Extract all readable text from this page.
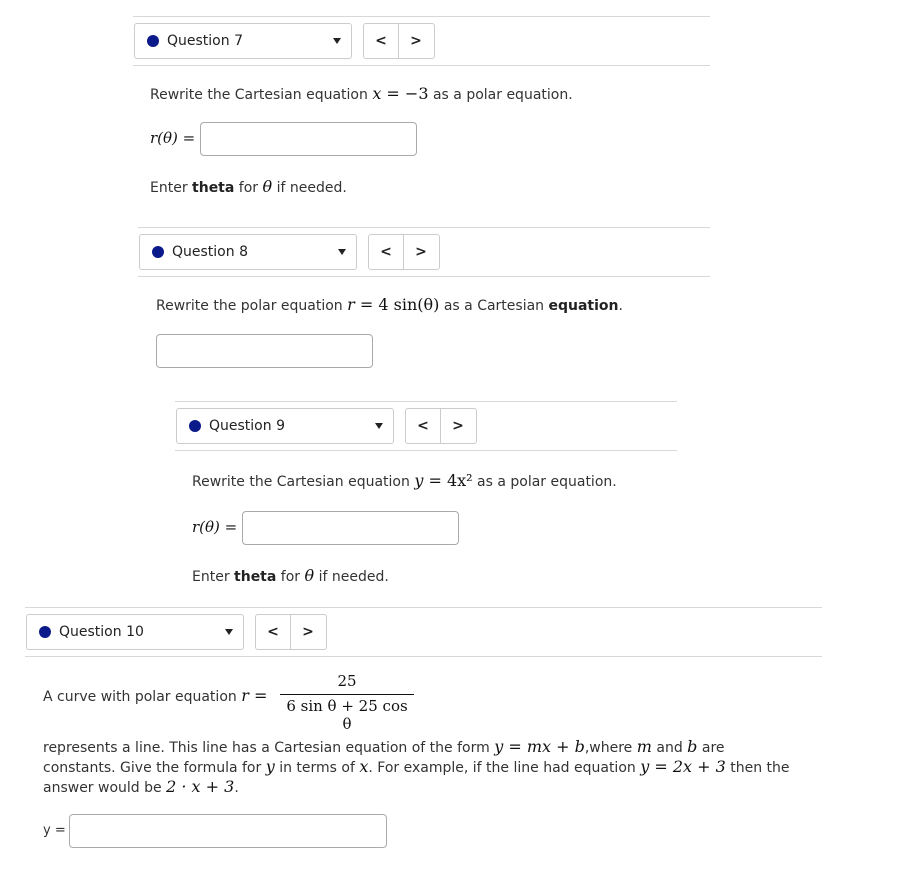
Question 7	<	>
Rewrite the Cartesian equation x = −3 as a polar equation.
r(θ) =
Enter theta for θ if needed.
Question 8	<	>
Rewrite the polar equation r = 4 sin(θ) as a Cartesian equation.
Question 9	<	>
Rewrite the Cartesian equation y = 4x² as a polar equation.
r(θ) =
Enter theta for θ if needed.
Question 10	<	>
A curve with polar equation r =
25
6 sin θ + 25 cos θ
represents a line. This line has a Cartesian equation of the form y = mx + b,where m and b are
constants. Give the formula for y in terms of x. For example, if the line had equation y = 2x + 3 then the
answer would be 2 · x + 3.
y =
